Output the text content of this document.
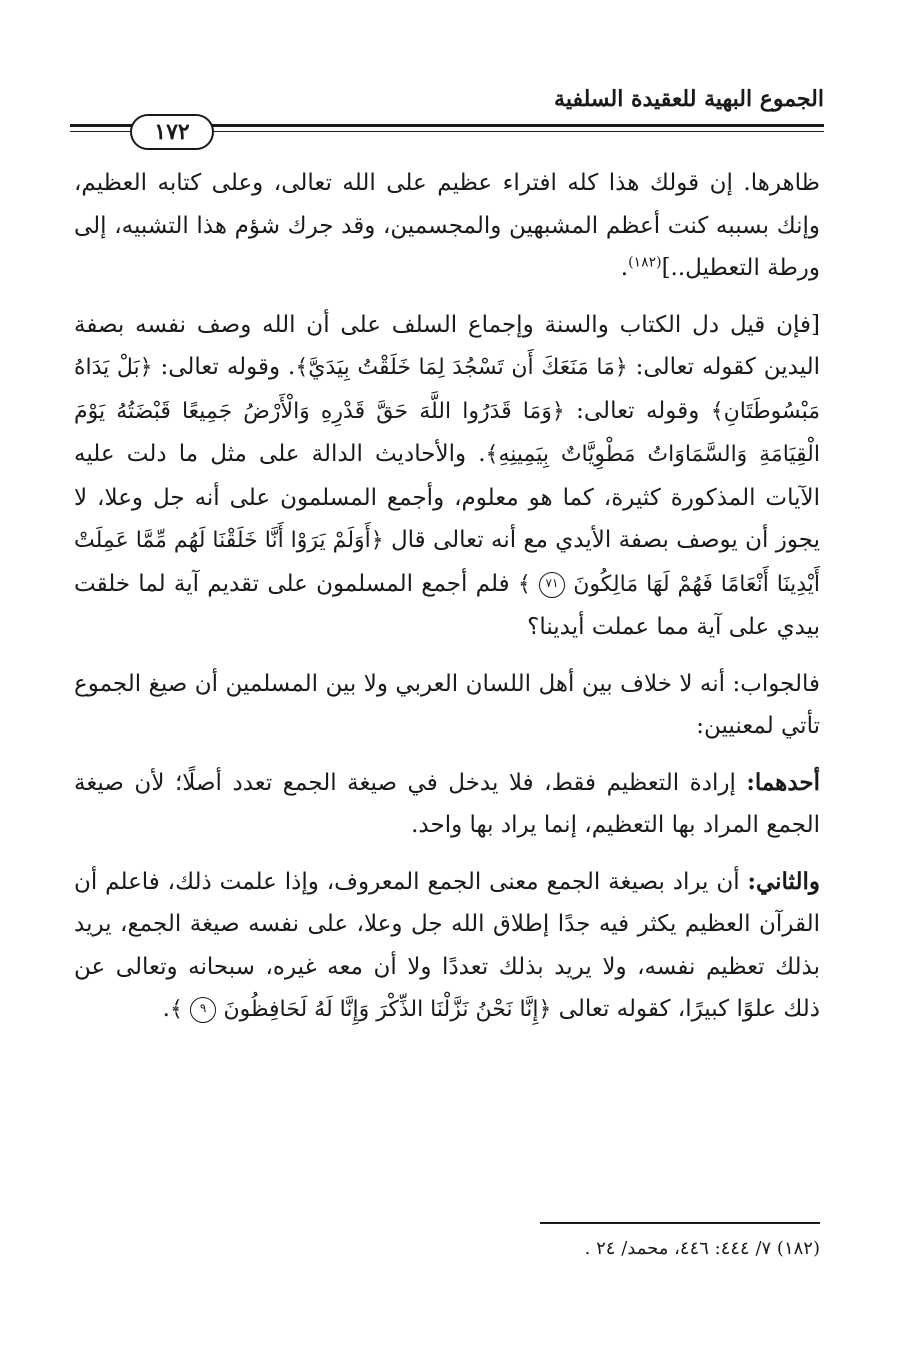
الجموع البهية للعقيدة السلفية
١٧٢

ظاهرها. إن قولك هذا كله افتراء عظيم على الله تعالى، وعلى كتابه العظيم، وإنك بسببه كنت أعظم المشبهين والمجسمين، وقد جرك شؤم هذا التشبيه، إلى ورطة التعطيل..]$^{(١٨٢)}$.

[فإن قيل دل الكتاب والسنة وإجماع السلف على أن الله وصف نفسه بصفة اليدين كقوله تعالى: ﴿مَا مَنَعَكَ أَن تَسْجُدَ لِمَا خَلَقْتُ بِيَدَيَّ﴾. وقوله تعالى: ﴿بَلْ يَدَاهُ مَبْسُوطَتَانِ﴾ وقوله تعالى: ﴿وَمَا قَدَرُوا اللَّهَ حَقَّ قَدْرِهِ وَالْأَرْضُ جَمِيعًا قَبْضَتُهُ يَوْمَ الْقِيَامَةِ وَالسَّمَاوَاتُ مَطْوِيَّاتٌ بِيَمِينِهِ﴾. والأحاديث الدالة على مثل ما دلت عليه الآيات المذكورة كثيرة، كما هو معلوم، وأجمع المسلمون على أنه جل وعلا، لا يجوز أن يوصف بصفة الأيدي مع أنه تعالى قال ﴿أَوَلَمْ يَرَوْا أَنَّا خَلَقْنَا لَهُم مِّمَّا عَمِلَتْ أَيْدِينَا أَنْعَامًا فَهُمْ لَهَا مَالِكُونَ ٧١ ﴾ فلم أجمع المسلمون على تقديم آية لما خلقت بيدي على آية مما عملت أيدينا؟

فالجواب: أنه لا خلاف بين أهل اللسان العربي ولا بين المسلمين أن صيغ الجموع تأتي لمعنيين:

أحدهما: إرادة التعظيم فقط، فلا يدخل في صيغة الجمع تعدد أصلًا؛ لأن صيغة الجمع المراد بها التعظيم، إنما يراد بها واحد.

والثاني: أن يراد بصيغة الجمع معنى الجمع المعروف، وإذا علمت ذلك، فاعلم أن القرآن العظيم يكثر فيه جدًا إطلاق الله جل وعلا، على نفسه صيغة الجمع، يريد بذلك تعظيم نفسه، ولا يريد بذلك تعددًا ولا أن معه غيره، سبحانه وتعالى عن ذلك علوًا كبيرًا، كقوله تعالى ﴿إِنَّا نَحْنُ نَزَّلْنَا الذِّكْرَ وَإِنَّا لَهُ لَحَافِظُونَ ٩ ﴾.

(١٨٢) ٧/ ٤٤٤: ٤٤٦، محمد/ ٢٤ .
